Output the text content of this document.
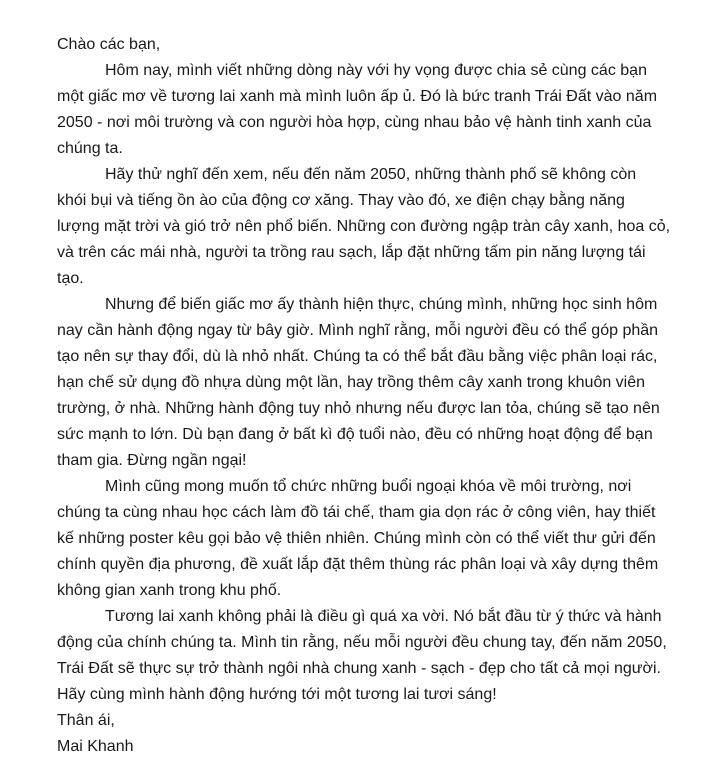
Chào các bạn,

Hôm nay, mình viết những dòng này với hy vọng được chia sẻ cùng các bạn
một giấc mơ về tương lai xanh mà mình luôn ấp ủ. Đó là bức tranh Trái Đất vào năm
2050 - nơi môi trường và con người hòa hợp, cùng nhau bảo vệ hành tinh xanh của
chúng ta.

Hãy thử nghĩ đến xem, nếu đến năm 2050, những thành phố sẽ không còn
khói bụi và tiếng ồn ào của động cơ xăng. Thay vào đó, xe điện chạy bằng năng
lượng mặt trời và gió trở nên phổ biến. Những con đường ngập tràn cây xanh, hoa cỏ,
và trên các mái nhà, người ta trồng rau sạch, lắp đặt những tấm pin năng lượng tái
tạo.

Nhưng để biến giấc mơ ấy thành hiện thực, chúng mình, những học sinh hôm
nay cần hành động ngay từ bây giờ. Mình nghĩ rằng, mỗi người đều có thể góp phần
tạo nên sự thay đổi, dù là nhỏ nhất. Chúng ta có thể bắt đầu bằng việc phân loại rác,
hạn chế sử dụng đồ nhựa dùng một lần, hay trồng thêm cây xanh trong khuôn viên
trường, ở nhà. Những hành động tuy nhỏ nhưng nếu được lan tỏa, chúng sẽ tạo nên
sức mạnh to lớn. Dù bạn đang ở bất kì độ tuổi nào, đều có những hoạt động để bạn
tham gia. Đừng ngần ngại!

Mình cũng mong muốn tổ chức những buổi ngoại khóa về môi trường, nơi
chúng ta cùng nhau học cách làm đồ tái chế, tham gia dọn rác ở công viên, hay thiết
kế những poster kêu gọi bảo vệ thiên nhiên. Chúng mình còn có thể viết thư gửi đến
chính quyền địa phương, đề xuất lắp đặt thêm thùng rác phân loại và xây dựng thêm
không gian xanh trong khu phố.

Tương lai xanh không phải là điều gì quá xa vời. Nó bắt đầu từ ý thức và hành
động của chính chúng ta. Mình tin rằng, nếu mỗi người đều chung tay, đến năm 2050,
Trái Đất sẽ thực sự trở thành ngôi nhà chung xanh - sạch - đẹp cho tất cả mọi người.
Hãy cùng mình hành động hướng tới một tương lai tươi sáng!

Thân ái,

Mai Khanh
